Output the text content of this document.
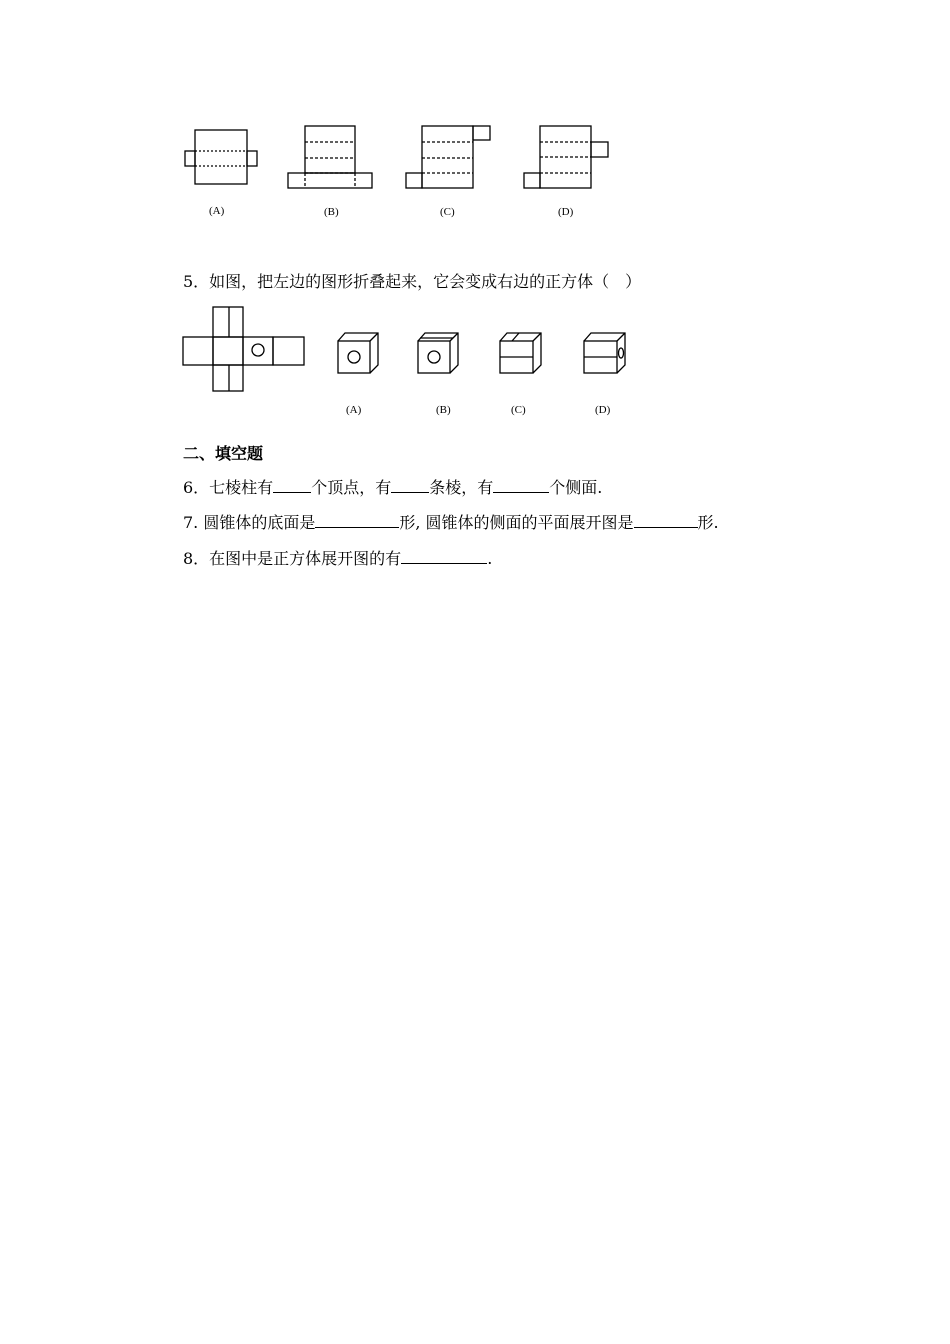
(A)	(B)	(C)	(D)
5．如图，把左边的图形折叠起来，它会变成右边的正方体（　）
(A)	(B)	(C)	(D)
二、填空题
6．七棱柱有 个顶点，有 条棱，有	个侧面.
7. 圆锥体的底面是	形, 圆锥体的侧面的平面展开图是	形.
8．在图中是正方体展开图的有	.
